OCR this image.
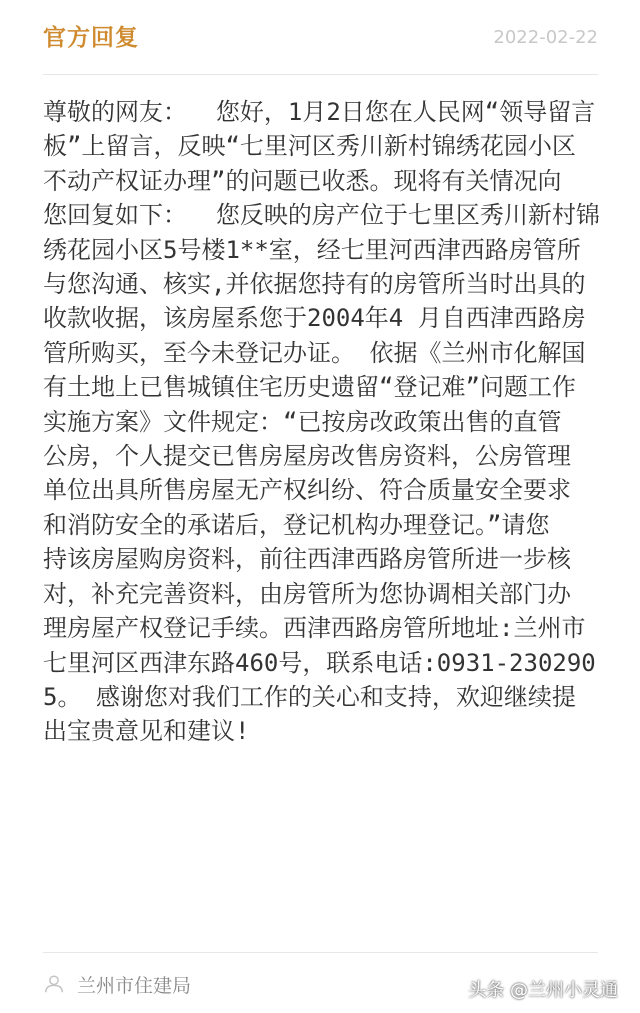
官方回复	2022-02-22
尊敬的网友：  您好，1月2日您在人民网“领导留言
板”上留言，反映“七里河区秀川新村锦绣花园小区
不动产权证办理”的问题已收悉。现将有关情况向
您回复如下：  您反映的房产位于七里区秀川新村锦
绣花园小区5号楼1**室，经七里河西津西路房管所
与您沟通、核实,并依据您持有的房管所当时出具的
收款收据，该房屋系您于2004年4 月自西津西路房
管所购买，至今未登记办证。 依据《兰州市化解国
有土地上已售城镇住宅历史遗留“登记难”问题工作
实施方案》文件规定：“已按房改政策出售的直管
公房，个人提交已售房屋房改售房资料，公房管理
单位出具所售房屋无产权纠纷、符合质量安全要求
和消防安全的承诺后，登记机构办理登记。”请您
持该房屋购房资料，前往西津西路房管所进一步核
对，补充完善资料，由房管所为您协调相关部门办
理房屋产权登记手续。西津西路房管所地址:兰州市
七里河区西津东路460号，联系电话:0931-230290
5。 感谢您对我们工作的关心和支持，欢迎继续提
出宝贵意见和建议!
兰州市住建局	头条 @兰州小灵通
